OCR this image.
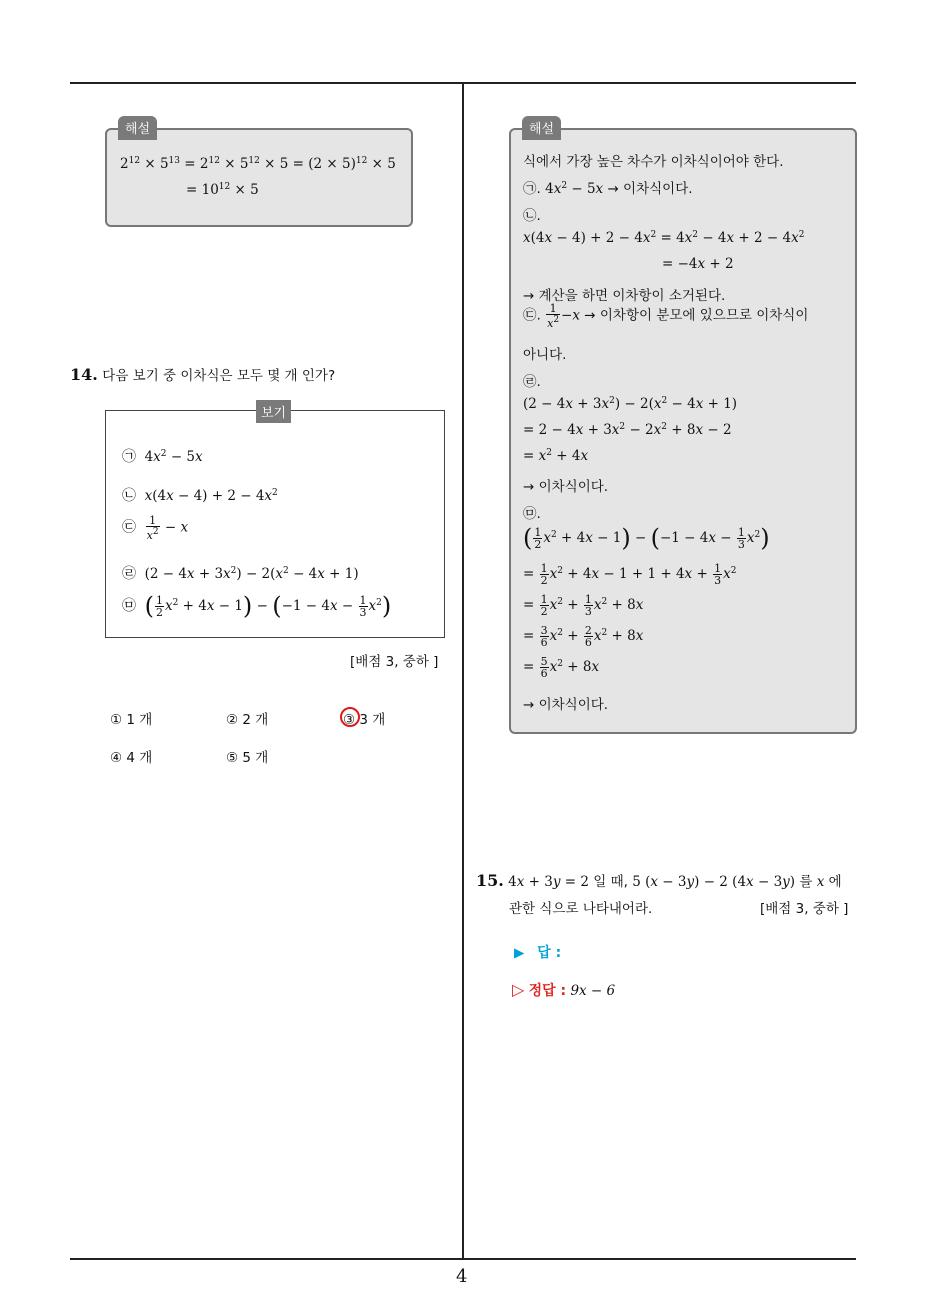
4
해설
$2^{12} \times 5^{13} = 2^{12} \times 5^{12} \times 5 = (2 \times 5)^{12} \times 5$
= $10^{12} \times 5$
14. 다음 보기 중 이차식은 모두 몇 개 인가?
보기
㉠  $4x^2 - 5x$
㉡ $x(4x - 4) + 2 - 4x^2$
㉢ $\frac{1}{x^2} - x$
㉣  $(2 - 4x + 3x^2) - 2(x^2 - 4x + 1)$
㉤ ( $\frac{1}{2} x^2 + 4x - 1) - (-1 - 4x - \frac{1}{3} x^2)$
[배점 3, 중하 ]
① 1 개	② 2 개	③ 3 개
④ 4 개	⑤ 5 개
해설
식에서 가장 높은 차수가 이차식이어야 한다.
㉠. $4x^2 - 5x$ → 이차식이다.
㉡.
$x(4x - 4) + 2 - 4x^2 = 4x^2 - 4x + 2 - 4x^2$
= −4x + 2
→ 계산을 하면 이차항이 소거된다.
㉢. $\frac{1}{x^2} -x$ → 이차항이 분모에 있으므로 이차식이
아니다.
㉣.
$(2 - 4x + 3x^2) - 2(x^2 - 4x + 1)$
= $2 - 4x + 3x^2 - 2x^2 + 8x - 2$
= $x^2 + 4x$
→ 이차식이다.
㉤.
( $\frac{1}{2} x^2 + 4x - 1) - (-1 - 4x - \frac{1}{3} x^2)$
= $\frac{1}{2} x^2 + 4x - 1 + 1 + 4x + \frac{1}{3} x^2$
= $\frac{1}{2} x^2 + \frac{1}{3} x^2 + 8x$
= $\frac{3}{6} x^2 + \frac{2}{6} x^2 + 8x$
= $\frac{5}{6} x^2 + 8x$
→ 이차식이다.
15. 4x + 3y = 2 일 때, 5 (x − 3y) − 2 (4x − 3y) 를 x 에
관한 식으로 나타내어라.	[배점 3, 중하 ]
▶ 답 :
▷ 정답 : 9x − 6
